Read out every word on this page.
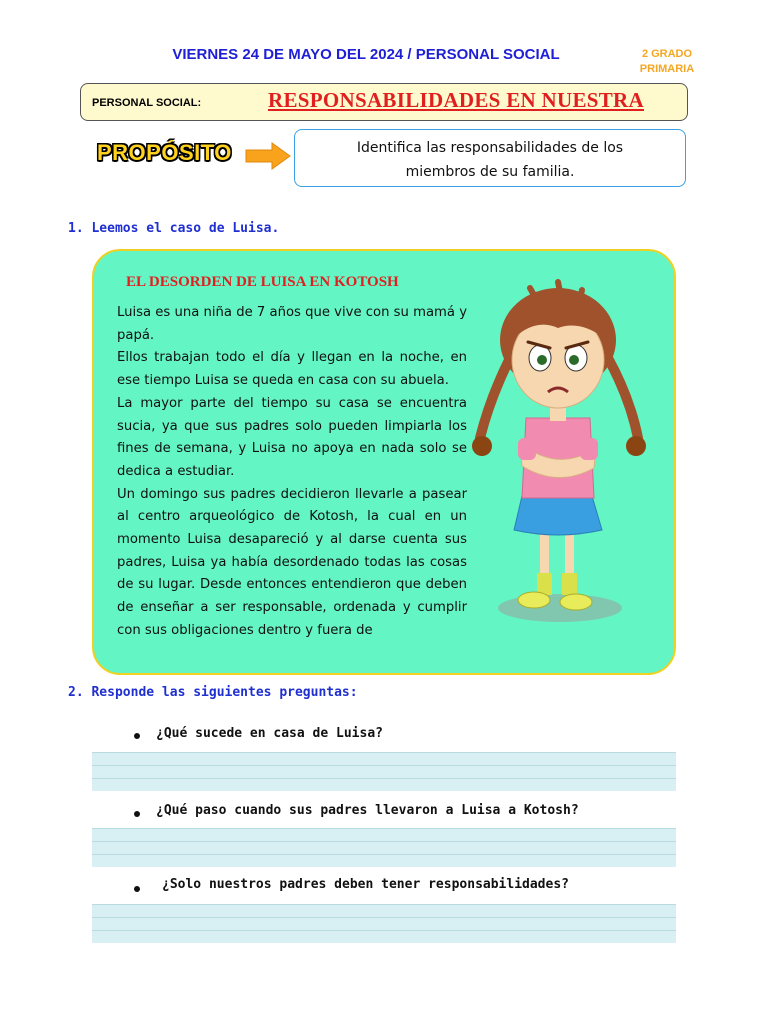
VIERNES 24 DE MAYO DEL 2024 / PERSONAL SOCIAL	2 GRADO
PRIMARIA
PERSONAL SOCIAL:	RESPONSABILIDADES EN NUESTRA
PROPÓSITO	Identifica las responsabilidades de los
miembros de su familia.
1. Leemos el caso de Luisa.
EL DESORDEN DE LUISA EN KOTOSH

Luisa es una niña de 7 años que vive con su mamá y papá.

Ellos trabajan todo el día y llegan en la noche, en ese tiempo Luisa se queda en casa con su abuela.

La mayor parte del tiempo su casa se encuentra sucia, ya que sus padres solo pueden limpiarla los fines de semana, y Luisa no apoya en nada solo se dedica a estudiar.

Un domingo sus padres decidieron llevarle a pasear al centro arqueológico de Kotosh, la cual en un momento Luisa desapareció y al darse cuenta sus padres, Luisa ya había desordenado todas las cosas de su lugar. Desde entonces entendieron que deben de enseñar a ser responsable, ordenada y cumplir con sus obligaciones dentro y fuera de

2. Responde las siguientes preguntas:
¿Qué sucede en casa de Luisa?
¿Qué paso cuando sus padres llevaron a Luisa a Kotosh?
¿Solo nuestros padres deben tener responsabilidades?
